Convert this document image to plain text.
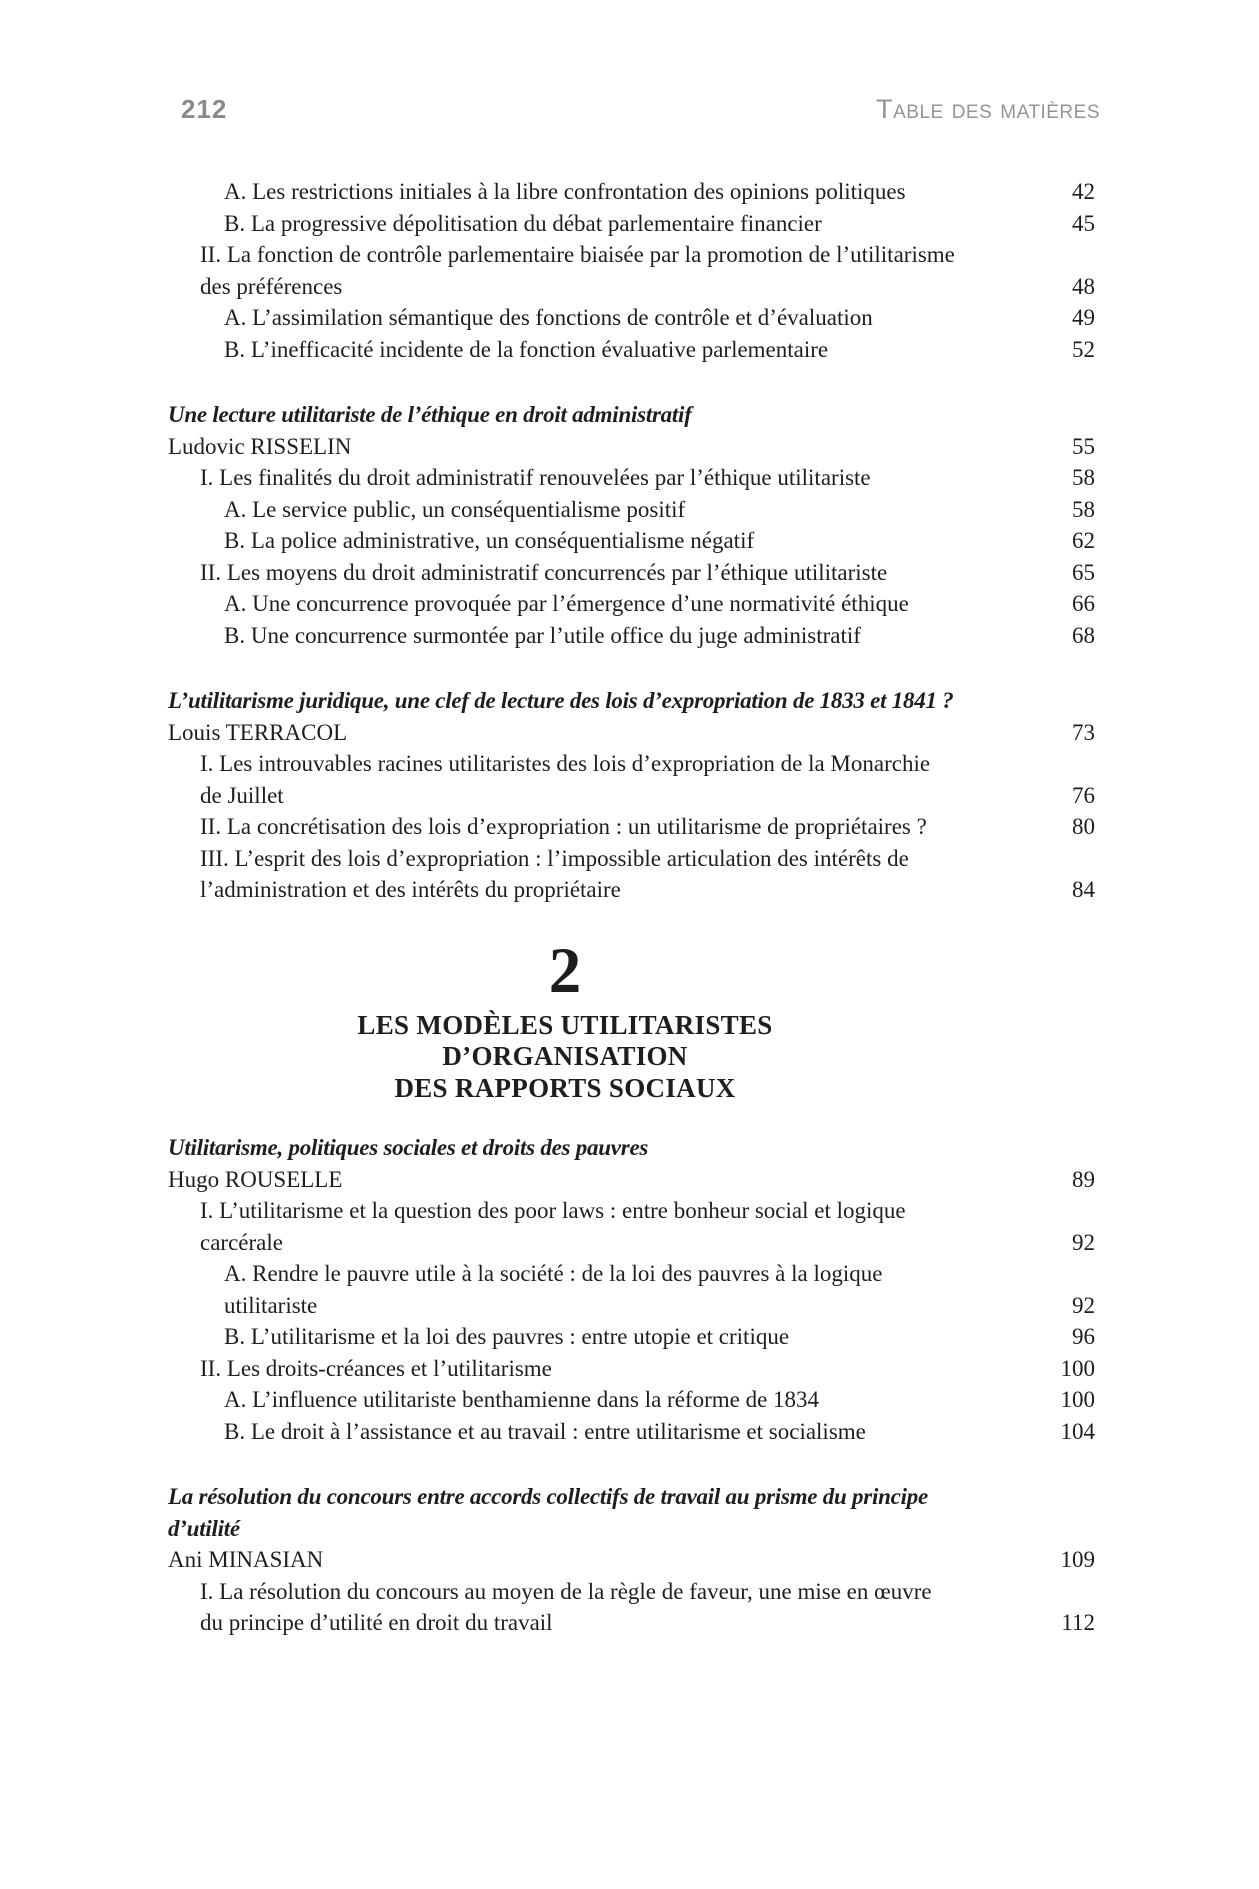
212	Table des matières
A. Les restrictions initiales à la libre confrontation des opinions politiques	42
B. La progressive dépolitisation du débat parlementaire financier	45
II. La fonction de contrôle parlementaire biaisée par la promotion de l’utilitarisme
des préférences	48
A. L’assimilation sémantique des fonctions de contrôle et d’évaluation	49
B. L’inefficacité incidente de la fonction évaluative parlementaire	52
Une lecture utilitariste de l’éthique en droit administratif
Ludovic RISSELIN	55
I. Les finalités du droit administratif renouvelées par l’éthique utilitariste	58
A. Le service public, un conséquentialisme positif	58
B. La police administrative, un conséquentialisme négatif	62
II. Les moyens du droit administratif concurrencés par l’éthique utilitariste	65
A. Une concurrence provoquée par l’émergence d’une normativité éthique	66
B. Une concurrence surmontée par l’utile office du juge administratif	68
L’utilitarisme juridique, une clef de lecture des lois d’expropriation de 1833 et 1841 ?
Louis TERRACOL	73
I. Les introuvables racines utilitaristes des lois d’expropriation de la Monarchie
de Juillet	76
II. La concrétisation des lois d’expropriation : un utilitarisme de propriétaires ?	80
III. L’esprit des lois d’expropriation : l’impossible articulation des intérêts de
l’administration et des intérêts du propriétaire	84
2
LES MODÈLES UTILITARISTES
D’ORGANISATION
DES RAPPORTS SOCIAUX
Utilitarisme, politiques sociales et droits des pauvres
Hugo ROUSELLE	89
I. L’utilitarisme et la question des poor laws : entre bonheur social et logique
carcérale	92
A. Rendre le pauvre utile à la société : de la loi des pauvres à la logique
utilitariste	92
B. L’utilitarisme et la loi des pauvres : entre utopie et critique	96
II. Les droits-créances et l’utilitarisme	100
A. L’influence utilitariste benthamienne dans la réforme de 1834	100
B. Le droit à l’assistance et au travail : entre utilitarisme et socialisme	104
La résolution du concours entre accords collectifs de travail au prisme du principe
d’utilité
Ani MINASIAN	109
I. La résolution du concours au moyen de la règle de faveur, une mise en œuvre
du principe d’utilité en droit du travail	112
